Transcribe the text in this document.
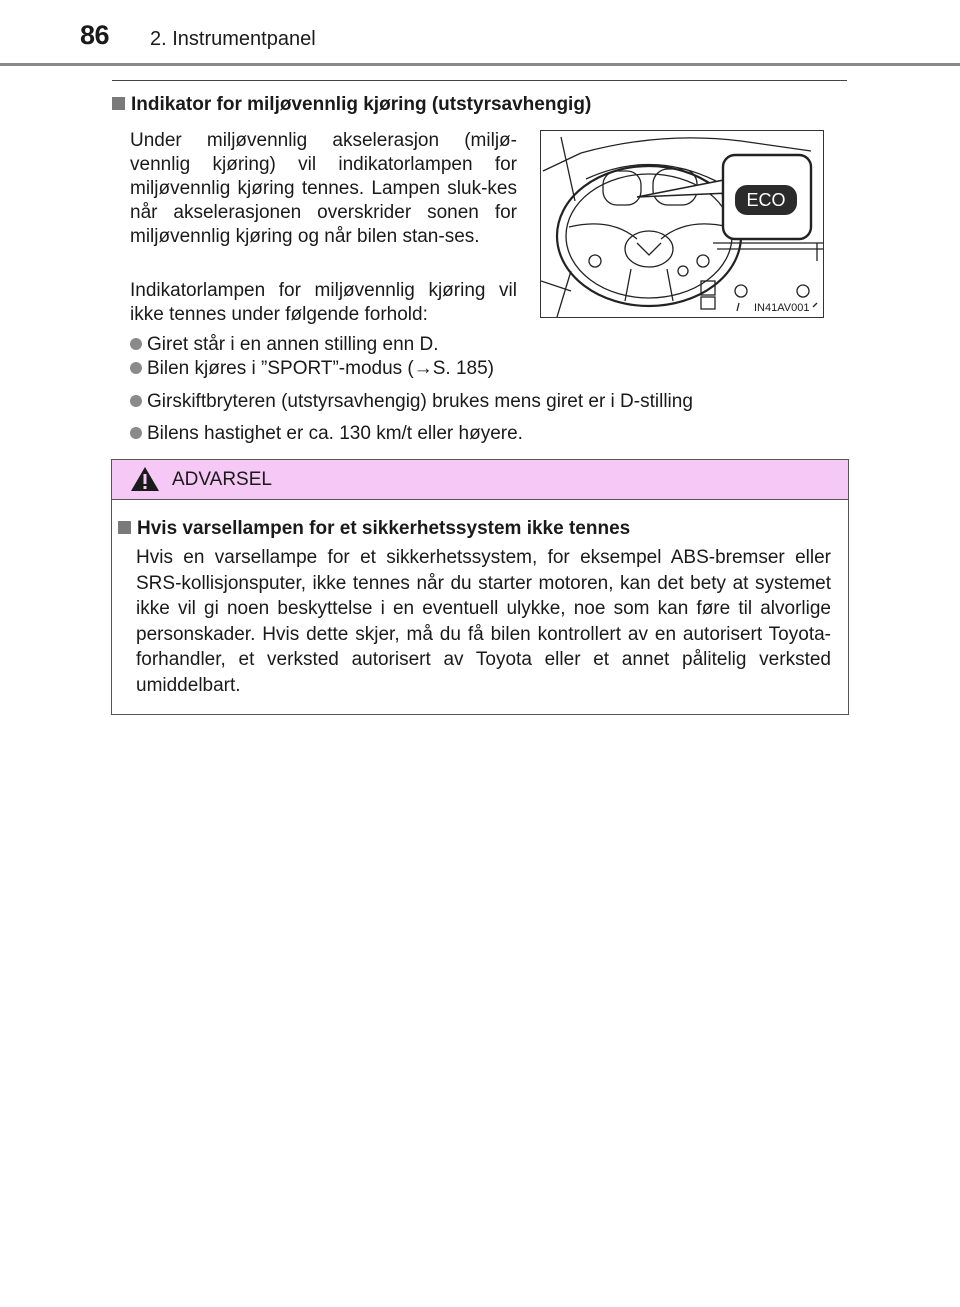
86 2. Instrumentpanel
Indikator for miljøvennlig kjøring (utstyrsavhengig)
Under miljøvennlig akselerasjon (miljø-vennlig kjøring) vil indikatorlampen for miljøvennlig kjøring tennes. Lampen sluk-kes når akselerasjonen overskrider sonen for miljøvennlig kjøring og når bilen stan-ses.
Indikatorlampen for miljøvennlig kjøring vil ikke tennes under følgende forhold:
Giret står i en annen stilling enn D.
Bilen kjøres i ”SPORT”-modus (→S. 185)
Girskiftbryteren (utstyrsavhengig) brukes mens giret er i D-stilling
Bilens hastighet er ca. 130 km/t eller høyere.
ECO
IN41AV001
ADVARSEL
Hvis varsellampen for et sikkerhetssystem ikke tennes
Hvis en varsellampe for et sikkerhetssystem, for eksempel ABS-bremser eller SRS-kollisjonsputer, ikke tennes når du starter motoren, kan det bety at systemet ikke vil gi noen beskyttelse i en eventuell ulykke, noe som kan føre til alvorlige personskader. Hvis dette skjer, må du få bilen kontrollert av en autorisert Toyota-forhandler, et verksted autorisert av Toyota eller et annet pålitelig verksted umiddelbart.
